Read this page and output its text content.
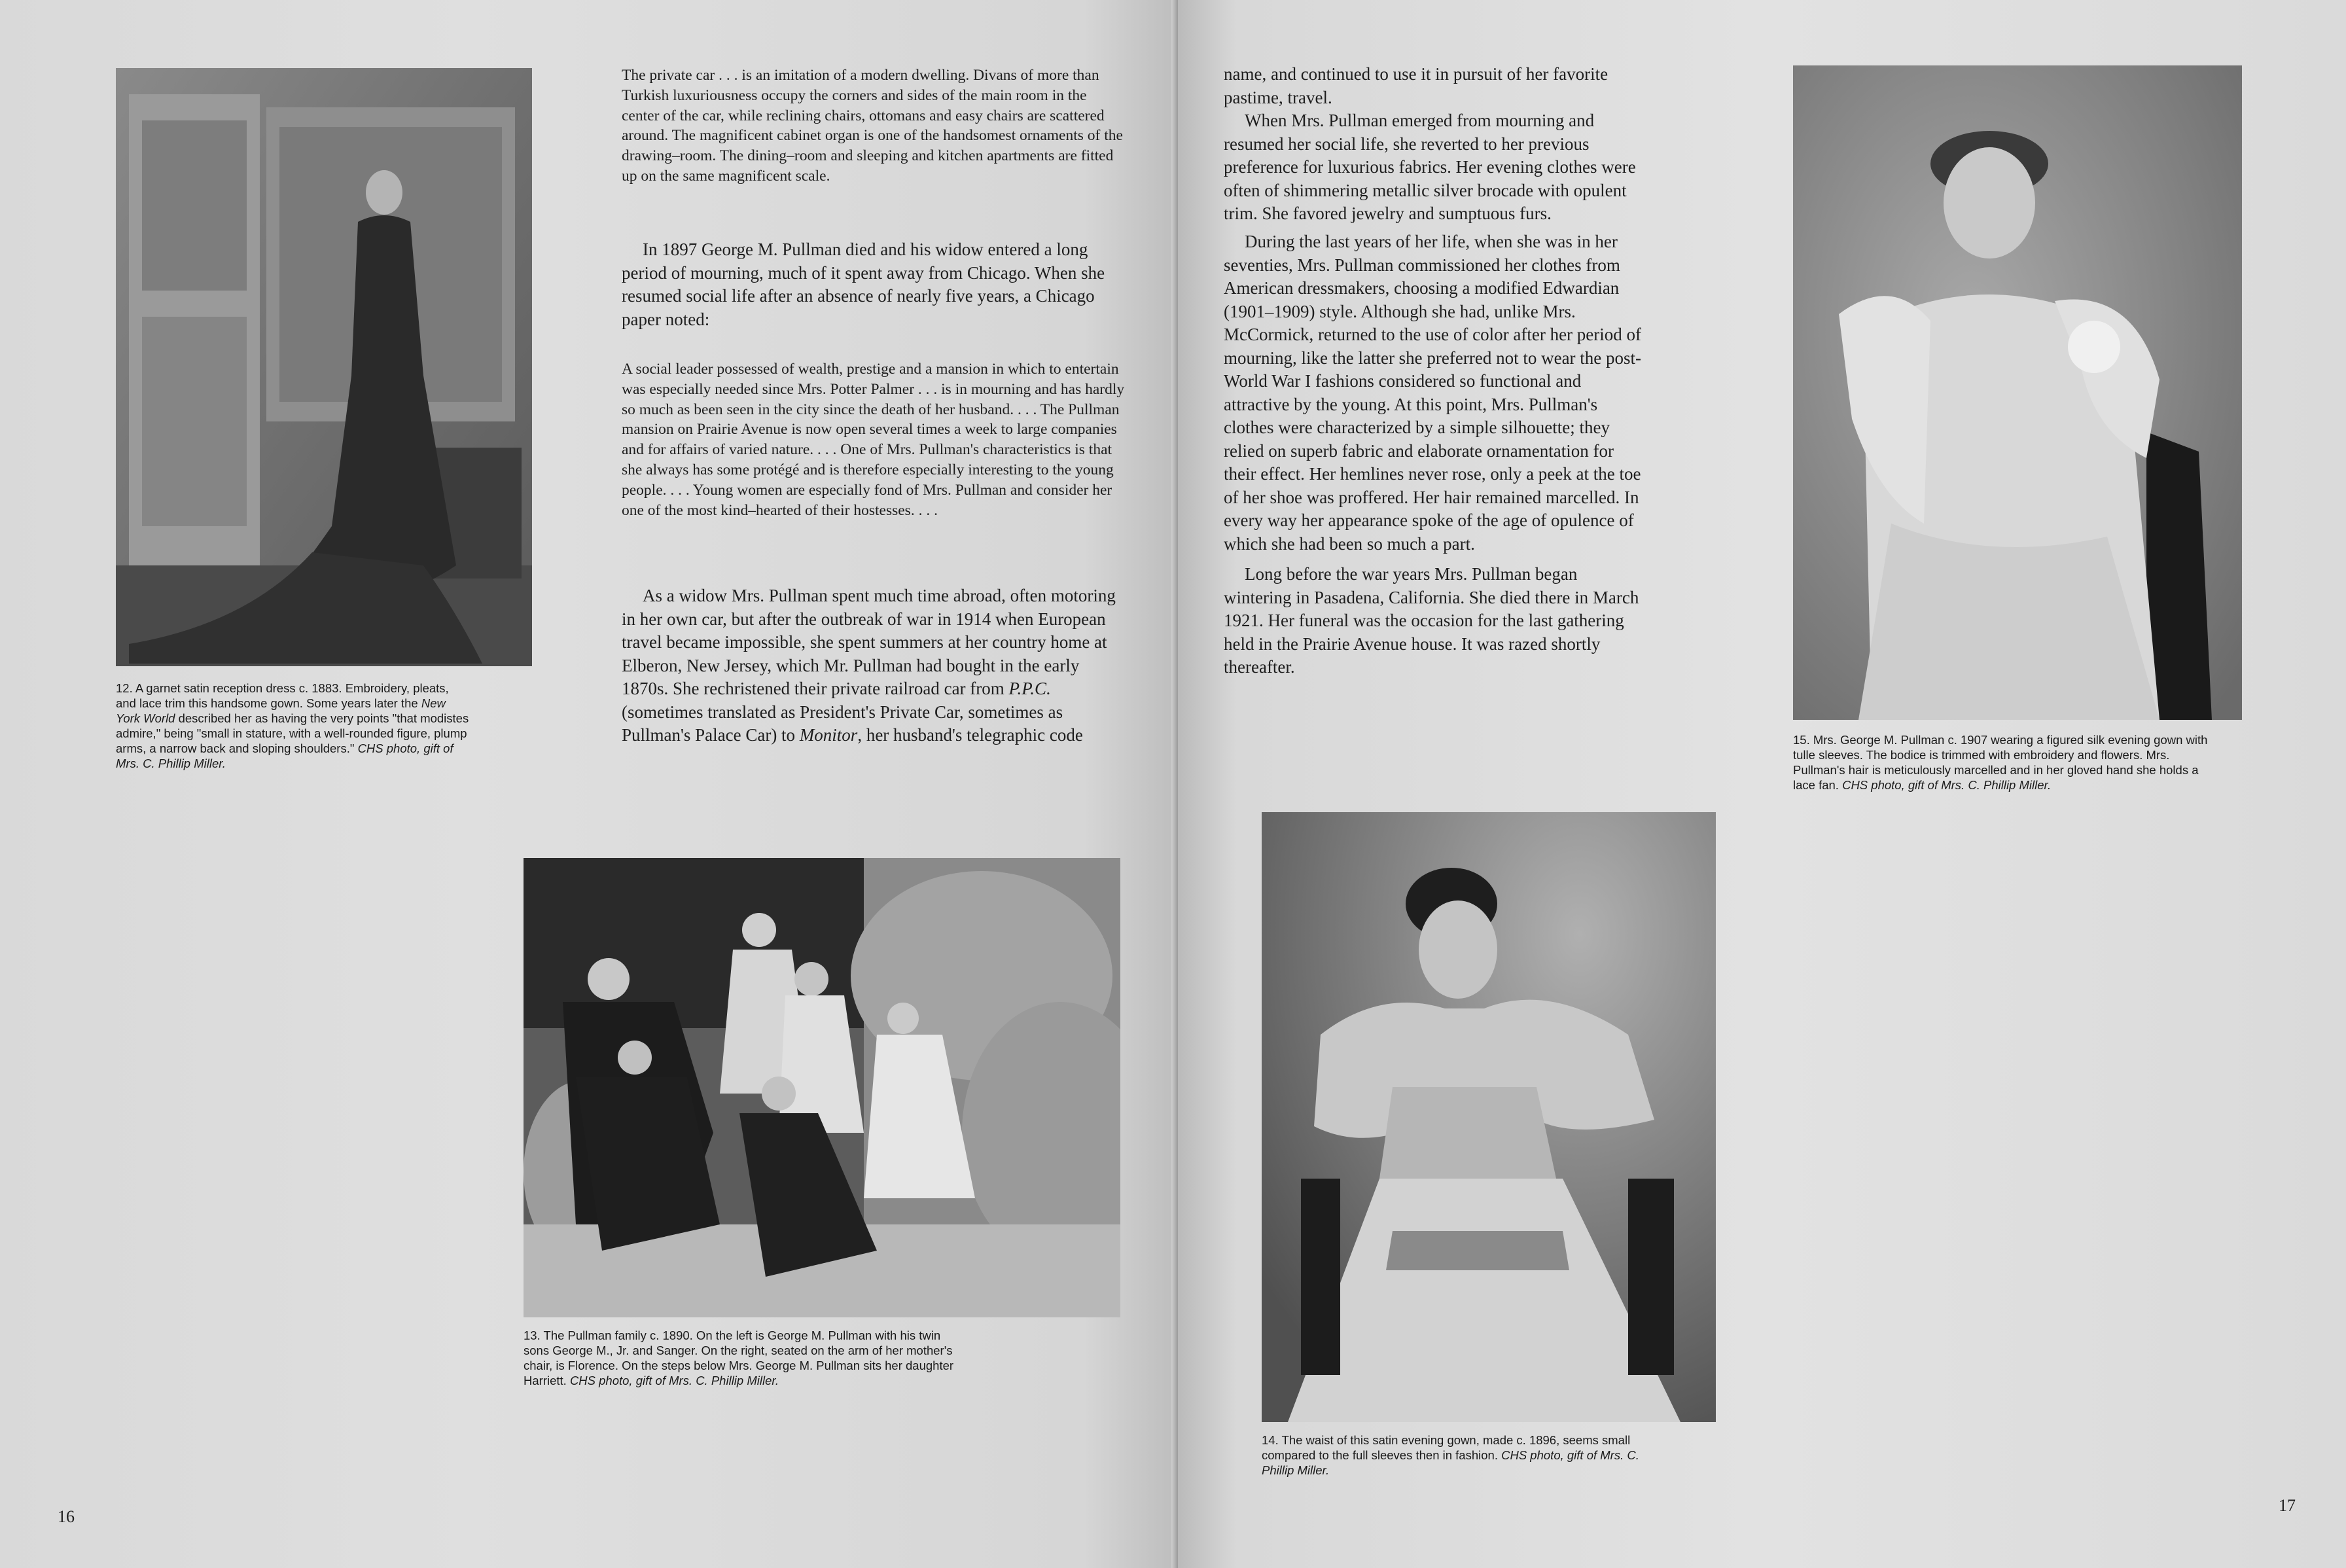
12. A garnet satin reception dress c. 1883. Embroidery, pleats, and lace trim this handsome gown. Some years later the New York World described her as having the very points "that modistes admire," being "small in stature, with a well-rounded figure, plump arms, a narrow back and sloping shoulders." CHS photo, gift of Mrs. C. Phillip Miller.

The private car . . . is an imitation of a modern dwelling. Divans of more than Turkish luxuriousness occupy the corners and sides of the main room in the center of the car, while reclining chairs, ottomans and easy chairs are scattered around. The magnificent cabinet organ is one of the handsomest ornaments of the drawing–room. The dining–room and sleeping and kitchen apartments are fitted up on the same magnificent scale.

In 1897 George M. Pullman died and his widow entered a long period of mourning, much of it spent away from Chicago. When she resumed social life after an absence of nearly five years, a Chicago paper noted:

A social leader possessed of wealth, prestige and a mansion in which to entertain was especially needed since Mrs. Potter Palmer . . . is in mourning and has hardly so much as been seen in the city since the death of her husband. . . . The Pullman mansion on Prairie Avenue is now open several times a week to large companies and for affairs of varied nature. . . . One of Mrs. Pullman's characteristics is that she always has some protégé and is therefore especially interesting to the young people. . . . Young women are especially fond of Mrs. Pullman and consider her one of the most kind–hearted of their hostesses. . . .

As a widow Mrs. Pullman spent much time abroad, often motoring in her own car, but after the outbreak of war in 1914 when European travel became impossible, she spent summers at her country home at Elberon, New Jersey, which Mr. Pullman had bought in the early 1870s. She rechristened their private railroad car from P.P.C. (sometimes translated as President's Private Car, sometimes as Pullman's Palace Car) to Monitor, her husband's telegraphic code

13. The Pullman family c. 1890. On the left is George M. Pullman with his twin sons George M., Jr. and Sanger. On the right, seated on the arm of her mother's chair, is Florence. On the steps below Mrs. George M. Pullman sits her daughter Harriett. CHS photo, gift of Mrs. C. Phillip Miller.

16

name, and continued to use it in pursuit of her favorite pastime, travel.

When Mrs. Pullman emerged from mourning and resumed her social life, she reverted to her previous preference for luxurious fabrics. Her evening clothes were often of shimmering metallic silver brocade with opulent trim. She favored jewelry and sumptuous furs.

During the last years of her life, when she was in her seventies, Mrs. Pullman commissioned her clothes from American dressmakers, choosing a modified Edwardian (1901–1909) style. Although she had, unlike Mrs. McCormick, returned to the use of color after her period of mourning, like the latter she preferred not to wear the post-World War I fashions considered so functional and attractive by the young. At this point, Mrs. Pullman's clothes were characterized by a simple silhouette; they relied on superb fabric and elaborate ornamentation for their effect. Her hemlines never rose, only a peek at the toe of her shoe was proffered. Her hair remained marcelled. In every way her appearance spoke of the age of opulence of which she had been so much a part.

Long before the war years Mrs. Pullman began wintering in Pasadena, California. She died there in March 1921. Her funeral was the occasion for the last gathering held in the Prairie Avenue house. It was razed shortly thereafter.

15. Mrs. George M. Pullman c. 1907 wearing a figured silk evening gown with tulle sleeves. The bodice is trimmed with embroidery and flowers. Mrs. Pullman's hair is meticulously marcelled and in her gloved hand she holds a lace fan. CHS photo, gift of Mrs. C. Phillip Miller.

14. The waist of this satin evening gown, made c. 1896, seems small compared to the full sleeves then in fashion. CHS photo, gift of Mrs. C. Phillip Miller.

17
